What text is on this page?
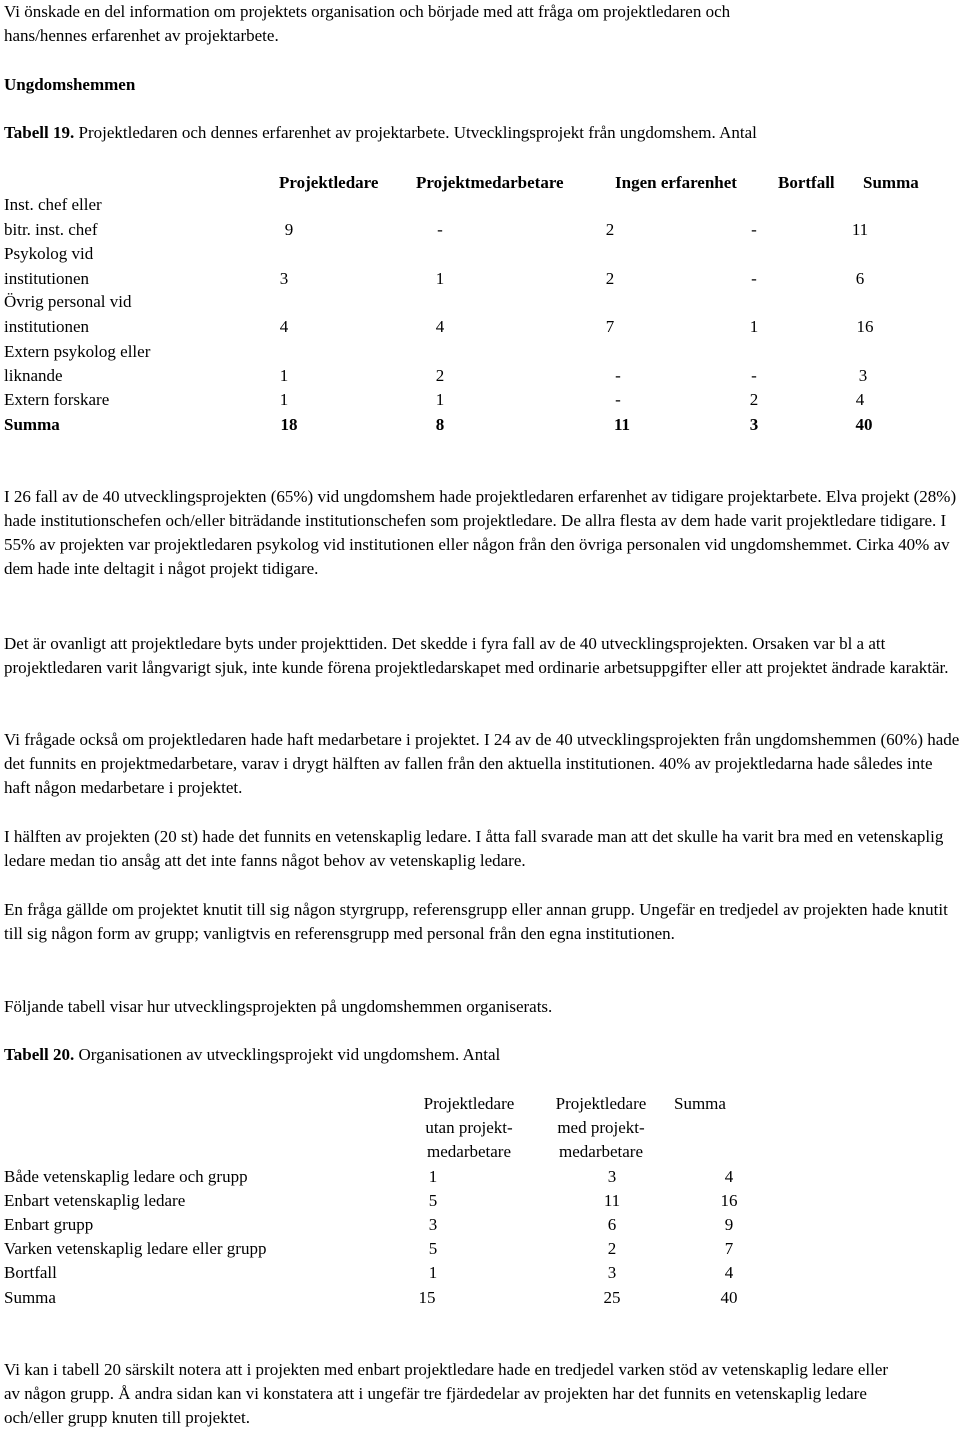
Vi önskade en del information om projektets organisation och började med att fråga om projektledaren och
hans/hennes erfarenhet av projektarbete.
Ungdomshemmen
Tabell 19. Projektledaren och dennes erfarenhet av projektarbete. Utvecklingsprojekt från ungdomshem. Antal
Projektledare Projektmedarbetare	Ingen erfarenhet Bortfall Summa
Inst. chef eller
bitr. inst. chef	9	-	2	-	11
Psykolog vid
institutionen	3	1	2	-	6
Övrig personal vid
institutionen	4	4	7	1	16
Extern psykolog eller
liknande	1	2	-	-	3
Extern forskare	1	1	-	2	4
Summa	18	8	11	3	40
I 26 fall av de 40 utvecklingsprojekten (65%) vid ungdomshem hade projektledaren erfarenhet av tidigare projektarbete. Elva projekt (28%) hade institutionschefen och/eller biträdande institutionschefen som projektledare. De allra flesta av dem hade varit projektledare tidigare. I 55% av projekten var projektledaren psykolog vid institutionen eller någon från den övriga personalen vid ungdomshemmet. Cirka 40% av dem hade inte deltagit i något projekt tidigare.
Det är ovanligt att projektledare byts under projekttiden. Det skedde i fyra fall av de 40 utvecklingsprojekten. Orsaken var bl a att projektledaren varit långvarigt sjuk, inte kunde förena projektledarskapet med ordinarie arbetsuppgifter eller att projektet ändrade karaktär.
Vi frågade också om projektledaren hade haft medarbetare i projektet. I 24 av de 40 utvecklingsprojekten från ungdomshemmen (60%) hade det funnits en projektmedarbetare, varav i drygt hälften av fallen från den aktuella institutionen. 40% av projektledarna hade således inte haft någon medarbetare i projektet.
I hälften av projekten (20 st) hade det funnits en vetenskaplig ledare. I åtta fall svarade man att det skulle ha varit bra med en vetenskaplig ledare medan tio ansåg att det inte fanns något behov av vetenskaplig ledare.
En fråga gällde om projektet knutit till sig någon styrgrupp, referensgrupp eller annan grupp. Ungefär en tredjedel av projekten hade knutit till sig någon form av grupp; vanligtvis en referensgrupp med personal från den egna institutionen.
Följande tabell visar hur utvecklingsprojekten på ungdomshemmen organiserats.
Tabell 20. Organisationen av utvecklingsprojekt vid ungdomshem. Antal
Projektledare
utan projekt-
medarbetare
Projektledare
med projekt-
medarbetare
Summa
Både vetenskaplig ledare och grupp	1	3	4
Enbart vetenskaplig ledare	5	11	16
Enbart grupp	3	6	9
Varken vetenskaplig ledare eller grupp	5	2	7
Bortfall	1	3	4
Summa	15	25	40
Vi kan i tabell 20 särskilt notera att i projekten med enbart projektledare hade en tredjedel varken stöd av vetenskaplig ledare eller av någon grupp. Å andra sidan kan vi konstatera att i ungefär tre fjärdedelar av projekten har det funnits en vetenskaplig ledare och/eller grupp knuten till projektet.
